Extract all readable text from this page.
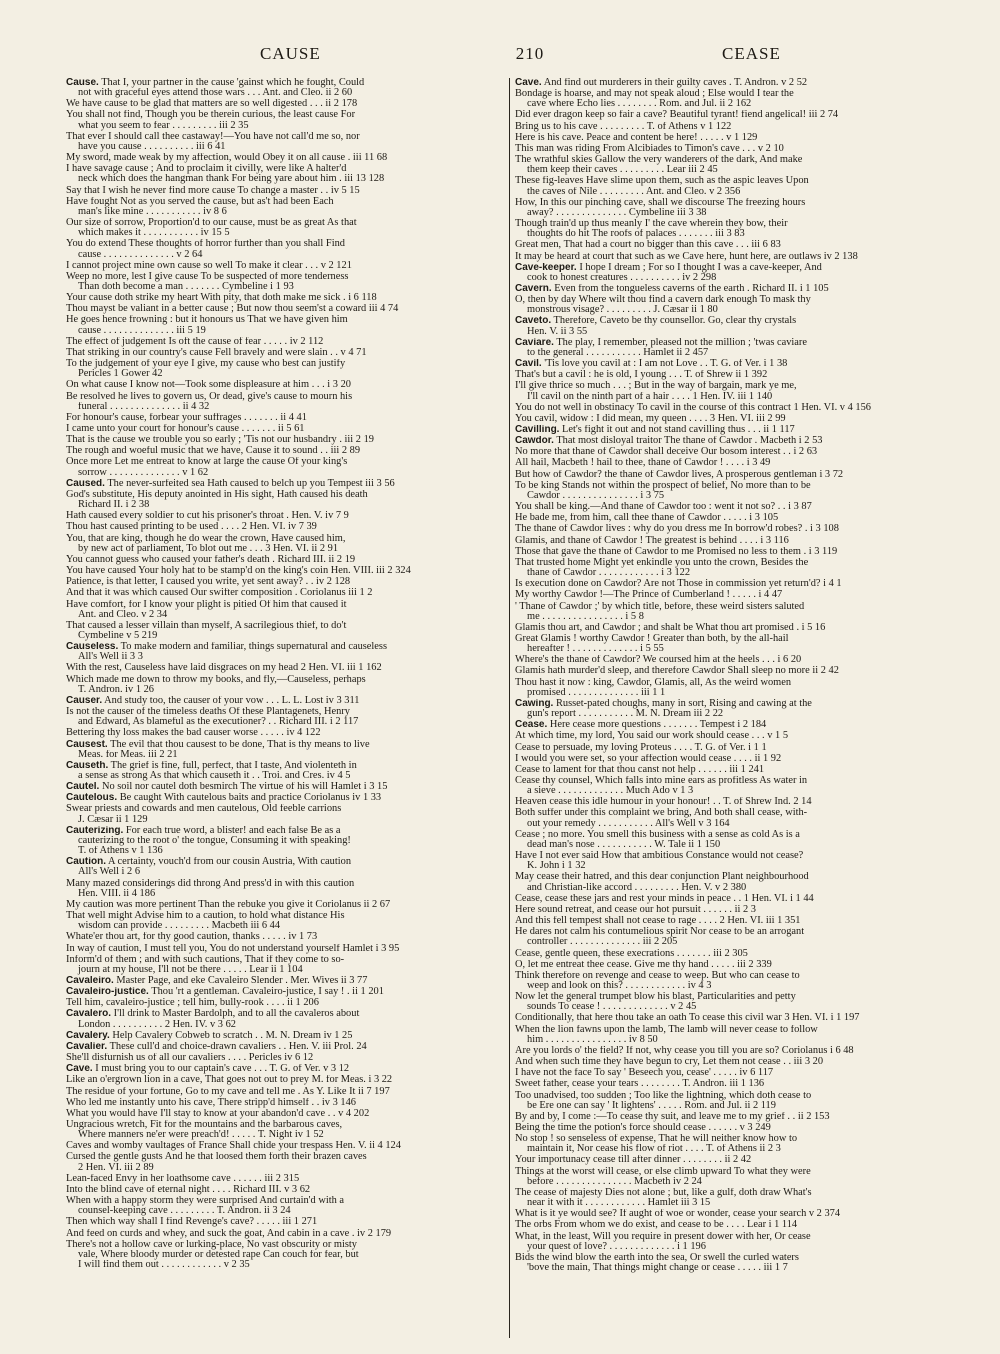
CAUSE	210	CEASE
Cause. That I, your partner in the cause 'gainst which he fought, Could
not with graceful eyes attend those wars . . . Ant. and Cleo. ii 2 60
We have cause to be glad that matters are so well digested . . . ii 2 178
You shall not find, Though you be therein curious, the least cause For
what you seem to fear . . . . . . . . . iii 2 35
That ever I should call thee castaway!—You have not call'd me so, nor
have you cause . . . . . . . . . . iii 6 41
My sword, made weak by my affection, would Obey it on all cause . iii 11 68
I have savage cause ; And to proclaim it civilly, were like A halter'd
neck which does the hangman thank For being yare about him . iii 13 128
Say that I wish he never find more cause To change a master . . iv 5 15
Have fought Not as you served the cause, but as't had been Each
man's like mine . . . . . . . . . . . iv 8 6
Our size of sorrow, Proportion'd to our cause, must be as great As that
which makes it . . . . . . . . . . . iv 15 5
You do extend These thoughts of horror further than you shall Find
cause . . . . . . . . . . . . . . v 2 64
I cannot project mine own cause so well To make it clear . . . v 2 121
Weep no more, lest I give cause To be suspected of more tenderness
Than doth become a man . . . . . . . Cymbeline i 1 93
Your cause doth strike my heart With pity, that doth make me sick . i 6 118
Thou mayst be valiant in a better cause ; But now thou seem'st a coward iii 4 74
He goes hence frowning : but it honours us That we have given him
cause . . . . . . . . . . . . . . iii 5 19
The effect of judgement Is oft the cause of fear . . . . . iv 2 112
That striking in our country's cause Fell bravely and were slain . . v 4 71
To the judgement of your eye I give, my cause who best can justify
Pericles 1 Gower 42
On what cause I know not—Took some displeasure at him . . . i 3 20
Be resolved he lives to govern us, Or dead, give's cause to mourn his
funeral . . . . . . . . . . . . . . ii 4 32
For honour's cause, forbear your suffrages . . . . . . . ii 4 41
I came unto your court for honour's cause . . . . . . . ii 5 61
That is the cause we trouble you so early ; 'Tis not our husbandry . iii 2 19
The rough and woeful music that we have, Cause it to sound . . iii 2 89
Once more Let me entreat to know at large the cause Of your king's
sorrow . . . . . . . . . . . . . . v 1 62
Caused. The never-surfeited sea Hath caused to belch up you Tempest iii 3 56
God's substitute, His deputy anointed in His sight, Hath caused his death
Richard II. i 2 38
Hath caused every soldier to cut his prisoner's throat . Hen. V. iv 7 9
Thou hast caused printing to be used . . . . 2 Hen. VI. iv 7 39
You, that are king, though he do wear the crown, Have caused him,
by new act of parliament, To blot out me . . . 3 Hen. VI. ii 2 91
You cannot guess who caused your father's death . Richard III. ii 2 19
You have caused Your holy hat to be stamp'd on the king's coin Hen. VIII. iii 2 324
Patience, is that letter, I caused you write, yet sent away? . . iv 2 128
And that it was which caused Our swifter composition . Coriolanus iii 1 2
Have comfort, for I know your plight is pitied Of him that caused it
Ant. and Cleo. v 2 34
That caused a lesser villain than myself, A sacrilegious thief, to do't
Cymbeline v 5 219
Causeless. To make modern and familiar, things supernatural and causeless
All's Well ii 3 3
With the rest, Causeless have laid disgraces on my head 2 Hen. VI. iii 1 162
Which made me down to throw my books, and fly,—Causeless, perhaps
T. Andron. iv 1 26
Causer. And study too, the causer of your vow . . . L. L. Lost iv 3 311
Is not the causer of the timeless deaths Of these Plantagenets, Henry
and Edward, As blameful as the executioner? . . Richard III. i 2 117
Bettering thy loss makes the bad causer worse . . . . . iv 4 122
Causest. The evil that thou causest to be done, That is thy means to live
Meas. for Meas. iii 2 21
Causeth. The grief is fine, full, perfect, that I taste, And violenteth in
a sense as strong As that which causeth it . . Troi. and Cres. iv 4 5
Cautel. No soil nor cautel doth besmirch The virtue of his will Hamlet i 3 15
Cautelous. Be caught With cautelous baits and practice Coriolanus iv 1 33
Swear priests and cowards and men cautelous, Old feeble carrions
J. Cæsar ii 1 129
Cauterizing. For each true word, a blister! and each false Be as a
cauterizing to the root o' the tongue, Consuming it with speaking!
T. of Athens v 1 136
Caution. A certainty, vouch'd from our cousin Austria, With caution
All's Well i 2 6
Many mazed considerings did throng And press'd in with this caution
Hen. VIII. ii 4 186
My caution was more pertinent Than the rebuke you give it Coriolanus ii 2 67
That well might Advise him to a caution, to hold what distance His
wisdom can provide . . . . . . . . . Macbeth iii 6 44
Whate'er thou art, for thy good caution, thanks . . . . . iv 1 73
In way of caution, I must tell you, You do not understand yourself Hamlet i 3 95
Inform'd of them ; and with such cautions, That if they come to so-
journ at my house, I'll not be there . . . . . Lear ii 1 104
Cavaleiro. Master Page, and eke Cavaleiro Slender . Mer. Wives ii 3 77
Cavaleiro-justice. Thou 'rt a gentleman. Cavaleiro-justice, I say ! . ii 1 201
Tell him, cavaleiro-justice ; tell him, bully-rook . . . . ii 1 206
Cavalero. I'll drink to Master Bardolph, and to all the cavaleros about
London . . . . . . . . . . 2 Hen. IV. v 3 62
Cavalery. Help Cavalery Cobweb to scratch . . M. N. Dream iv 1 25
Cavalier. These cull'd and choice-drawn cavaliers . . Hen. V. iii Prol. 24
She'll disfurnish us of all our cavaliers . . . . Pericles iv 6 12
Cave. I must bring you to our captain's cave . . . T. G. of Ver. v 3 12
Like an o'ergrown lion in a cave, That goes not out to prey M. for Meas. i 3 22
The residue of your fortune, Go to my cave and tell me . As Y. Like It ii 7 197
Who led me instantly unto his cave, There stripp'd himself . . iv 3 146
What you would have I'll stay to know at your abandon'd cave . . v 4 202
Ungracious wretch, Fit for the mountains and the barbarous caves,
Where manners ne'er were preach'd! . . . . . T. Night iv 1 52
Caves and womby vaultages of France Shall chide your trespass Hen. V. ii 4 124
Cursed the gentle gusts And he that loosed them forth their brazen caves
2 Hen. VI. iii 2 89
Lean-faced Envy in her loathsome cave . . . . . . iii 2 315
Into the blind cave of eternal night . . . . Richard III. v 3 62
When with a happy storm they were surprised And curtain'd with a
counsel-keeping cave . . . . . . . . . T. Andron. ii 3 24
Then which way shall I find Revenge's cave? . . . . . iii 1 271
And feed on curds and whey, and suck the goat, And cabin in a cave . iv 2 179
There's not a hollow cave or lurking-place, No vast obscurity or misty
vale, Where bloody murder or detested rape Can couch for fear, but
I will find them out . . . . . . . . . . . . v 2 35
Cave. And find out murderers in their guilty caves . T. Andron. v 2 52
Bondage is hoarse, and may not speak aloud ; Else would I tear the
cave where Echo lies . . . . . . . . Rom. and Jul. ii 2 162
Did ever dragon keep so fair a cave? Beautiful tyrant! fiend angelical! iii 2 74
Bring us to his cave . . . . . . . . . T. of Athens v 1 122
Here is his cave. Peace and content be here! . . . . . v 1 129
This man was riding From Alcibiades to Timon's cave . . . v 2 10
The wrathful skies Gallow the very wanderers of the dark, And make
them keep their caves . . . . . . . . . Lear iii 2 45
These fig-leaves Have slime upon them, such as the aspic leaves Upon
the caves of Nile . . . . . . . . . Ant. and Cleo. v 2 356
How, In this our pinching cave, shall we discourse The freezing hours
away? . . . . . . . . . . . . . . Cymbeline iii 3 38
Though train'd up thus meanly I' the cave wherein they bow, their
thoughts do hit The roofs of palaces . . . . . . . iii 3 83
Great men, That had a court no bigger than this cave . . . iii 6 83
It may be heard at court that such as we Cave here, hunt here, are outlaws iv 2 138
Cave-keeper. I hope I dream ; For so I thought I was a cave-keeper, And
cook to honest creatures . . . . . . . . . . iv 2 298
Cavern. Even from the tongueless caverns of the earth . Richard II. i 1 105
O, then by day Where wilt thou find a cavern dark enough To mask thy
monstrous visage? . . . . . . . . . J. Cæsar ii 1 80
Caveto. Therefore, Caveto be thy counsellor. Go, clear thy crystals
Hen. V. ii 3 55
Caviare. The play, I remember, pleased not the million ; 'twas caviare
to the general . . . . . . . . . . . Hamlet ii 2 457
Cavil. 'Tis love you cavil at : I am not Love . . T. G. of Ver. i 1 38
That's but a cavil : he is old, I young . . . T. of Shrew ii 1 392
I'll give thrice so much . . . ; But in the way of bargain, mark ye me,
I'll cavil on the ninth part of a hair . . . . 1 Hen. IV. iii 1 140
You do not well in obstinacy To cavil in the course of this contract 1 Hen. VI. v 4 156
You cavil, widow : I did mean, my queen . . . . 3 Hen. VI. iii 2 99
Cavilling. Let's fight it out and not stand cavilling thus . . . ii 1 117
Cawdor. That most disloyal traitor The thane of Cawdor . Macbeth i 2 53
No more that thane of Cawdor shall deceive Our bosom interest . . i 2 63
All hail, Macbeth ! hail to thee, thane of Cawdor ! . . . . i 3 49
But how of Cawdor? the thane of Cawdor lives, A prosperous gentleman i 3 72
To be king Stands not within the prospect of belief, No more than to be
Cawdor . . . . . . . . . . . . . . . i 3 75
You shall be king.—And thane of Cawdor too : went it not so? . . i 3 87
He bade me, from him, call thee thane of Cawdor . . . . . i 3 105
The thane of Cawdor lives : why do you dress me In borrow'd robes? . i 3 108
Glamis, and thane of Cawdor ! The greatest is behind . . . . i 3 116
Those that gave the thane of Cawdor to me Promised no less to them . i 3 119
That trusted home Might yet enkindle you unto the crown, Besides the
thane of Cawdor . . . . . . . . . . . . i 3 122
Is execution done on Cawdor? Are not Those in commission yet return'd? i 4 1
My worthy Cawdor !—The Prince of Cumberland ! . . . . . i 4 47
' Thane of Cawdor ;' by which title, before, these weird sisters saluted
me . . . . . . . . . . . . . . . . i 5 8
Glamis thou art, and Cawdor ; and shalt be What thou art promised . i 5 16
Great Glamis ! worthy Cawdor ! Greater than both, by the all-hail
hereafter ! . . . . . . . . . . . . . i 5 55
Where's the thane of Cawdor? We coursed him at the heels . . . i 6 20
Glamis hath murder'd sleep, and therefore Cawdor Shall sleep no more ii 2 42
Thou hast it now : king, Cawdor, Glamis, all, As the weird women
promised . . . . . . . . . . . . . . iii 1 1
Cawing. Russet-pated choughs, many in sort, Rising and cawing at the
gun's report . . . . . . . . . . . M. N. Dream iii 2 22
Cease. Here cease more questions . . . . . . . Tempest i 2 184
At which time, my lord, You said our work should cease . . . v 1 5
Cease to persuade, my loving Proteus . . . . T. G. of Ver. i 1 1
I would you were set, so your affection would cease . . . . ii 1 92
Cease to lament for that thou canst not help . . . . . . iii 1 241
Cease thy counsel, Which falls into mine ears as profitless As water in
a sieve . . . . . . . . . . . . . Much Ado v 1 3
Heaven cease this idle humour in your honour! . . T. of Shrew Ind. 2 14
Both suffer under this complaint we bring, And both shall cease, with-
out your remedy . . . . . . . . . . . All's Well v 3 164
Cease ; no more. You smell this business with a sense as cold As is a
dead man's nose . . . . . . . . . . . W. Tale ii 1 150
Have I not ever said How that ambitious Constance would not cease?
K. John i 1 32
May cease their hatred, and this dear conjunction Plant neighbourhood
and Christian-like accord . . . . . . . . . Hen. V. v 2 380
Cease, cease these jars and rest your minds in peace . . 1 Hen. VI. i 1 44
Here sound retreat, and cease our hot pursuit . . . . . . ii 2 3
And this fell tempest shall not cease to rage . . . . 2 Hen. VI. iii 1 351
He dares not calm his contumelious spirit Nor cease to be an arrogant
controller . . . . . . . . . . . . . . iii 2 205
Cease, gentle queen, these execrations . . . . . . . iii 2 305
O, let me entreat thee cease. Give me thy hand . . . . . iii 2 339
Think therefore on revenge and cease to weep. But who can cease to
weep and look on this? . . . . . . . . . . . . iv 4 3
Now let the general trumpet blow his blast, Particularities and petty
sounds To cease ! . . . . . . . . . . . . . v 2 45
Conditionally, that here thou take an oath To cease this civil war 3 Hen. VI. i 1 197
When the lion fawns upon the lamb, The lamb will never cease to follow
him . . . . . . . . . . . . . . . . iv 8 50
Are you lords o' the field? If not, why cease you till you are so? Coriolanus i 6 48
And when such time they have begun to cry, Let them not cease . . iii 3 20
I have not the face To say ' Beseech you, cease' . . . . . iv 6 117
Sweet father, cease your tears . . . . . . . . T. Andron. iii 1 136
Too unadvised, too sudden ; Too like the lightning, which doth cease to
be Ere one can say ' It lightens' . . . . . Rom. and Jul. ii 2 119
By and by, I come :—To cease thy suit, and leave me to my grief . . ii 2 153
Being the time the potion's force should cease . . . . . . v 3 249
No stop ! so senseless of expense, That he will neither know how to
maintain it, Nor cease his flow of riot . . . . T. of Athens ii 2 3
Your importunacy cease till after dinner . . . . . . . . ii 2 42
Things at the worst will cease, or else climb upward To what they were
before . . . . . . . . . . . . . . . Macbeth iv 2 24
The cease of majesty Dies not alone ; but, like a gulf, doth draw What's
near it with it . . . . . . . . . . . . Hamlet iii 3 15
What is it ye would see? If aught of woe or wonder, cease your search v 2 374
The orbs From whom we do exist, and cease to be . . . . Lear i 1 114
What, in the least, Will you require in present dower with her, Or cease
your quest of love? . . . . . . . . . . . . . i 1 196
Bids the wind blow the earth into the sea, Or swell the curled waters
'bove the main, That things might change or cease . . . . . iii 1 7
